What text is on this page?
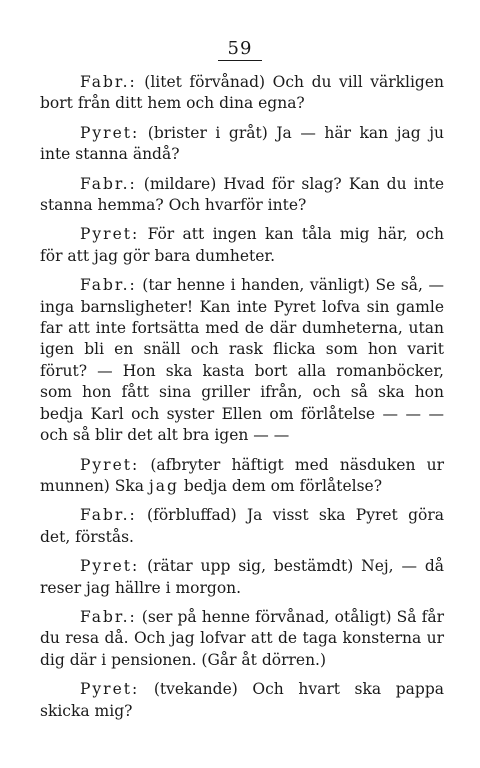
59

Fabr.: (litet förvånad) Och du vill värkligen bort från ditt hem och dina egna?

Pyret: (brister i gråt) Ja — här kan jag ju inte stanna ändå?

Fabr.: (mildare) Hvad för slag? Kan du inte stanna hemma? Och hvarför inte?

Pyret: För att ingen kan tåla mig här, och för att jag gör bara dumheter.

Fabr.: (tar henne i handen, vänligt) Se så, — inga barnsligheter! Kan inte Pyret lofva sin gamle far att inte fortsätta med de där dumheterna, utan igen bli en snäll och rask flicka som hon varit förut? — Hon ska kasta bort alla romanböcker, som hon fått sina griller ifrån, och så ska hon bedja Karl och syster Ellen om förlåtelse — — — och så blir det alt bra igen — —

Pyret: (afbryter häftigt med näsduken ur munnen) Ska jag bedja dem om förlåtelse?

Fabr.: (förbluffad) Ja visst ska Pyret göra det, förstås.

Pyret: (rätar upp sig, bestämdt) Nej, — då reser jag hällre i morgon.

Fabr.: (ser på henne förvånad, otåligt) Så får du resa då. Och jag lofvar att de taga konsterna ur dig där i pensionen. (Går åt dörren.)

Pyret: (tvekande) Och hvart ska pappa skicka mig?
